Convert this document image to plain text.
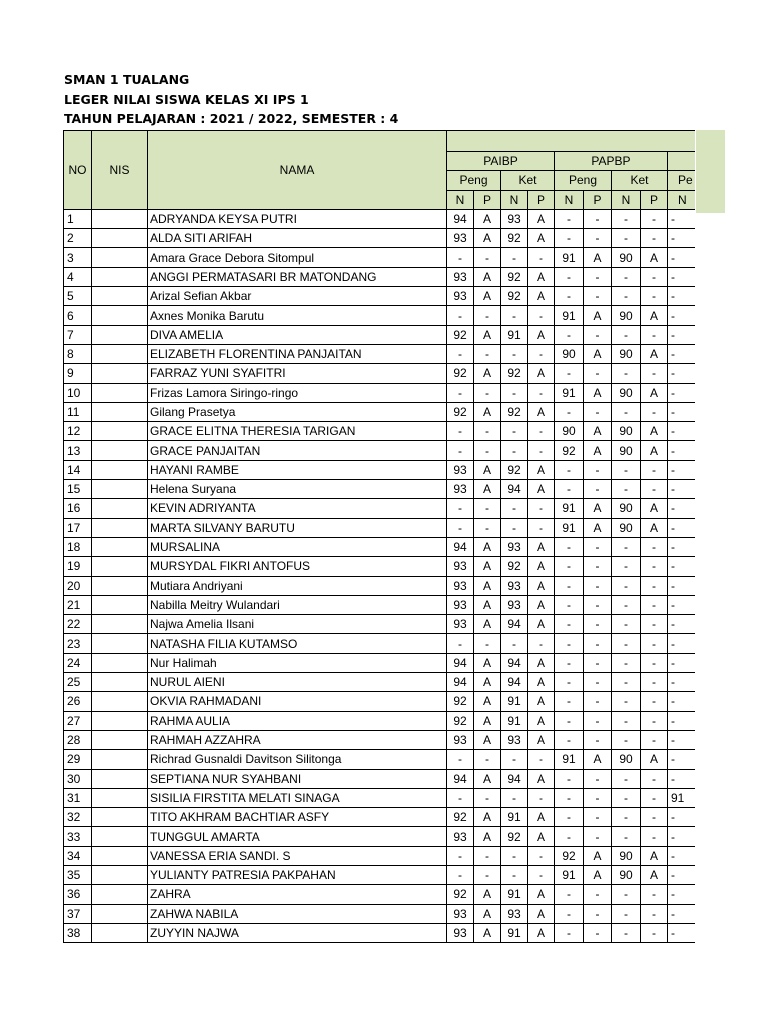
SMAN 1 TUALANG
LEGER NILAI SISWA KELAS XI IPS 1
TAHUN PELAJARAN : 2021 / 2022, SEMESTER : 4
NO	NIS	NAMA									
			PAIBP				PAPBP				
			Peng		Ket		Peng		Ket		Pe
			N	P	N	P	N	P	N	P	N
1		ADRYANDA KEYSA PUTRI	94	A	93	A	-	-	-	-	-
2		ALDA SITI ARIFAH	93	A	92	A	-	-	-	-	-
3		Amara Grace Debora Sitompul	-	-	-	-	91	A	90	A	-
4		ANGGI PERMATASARI BR MATONDANG	93	A	92	A	-	-	-	-	-
5		Arizal Sefian Akbar	93	A	92	A	-	-	-	-	-
6		Axnes Monika Barutu	-	-	-	-	91	A	90	A	-
7		DIVA AMELIA	92	A	91	A	-	-	-	-	-
8		ELIZABETH FLORENTINA PANJAITAN	-	-	-	-	90	A	90	A	-
9		FARRAZ YUNI SYAFITRI	92	A	92	A	-	-	-	-	-
10		Frizas Lamora Siringo-ringo	-	-	-	-	91	A	90	A	-
11		Gilang Prasetya	92	A	92	A	-	-	-	-	-
12		GRACE ELITNA THERESIA TARIGAN	-	-	-	-	90	A	90	A	-
13		GRACE PANJAITAN	-	-	-	-	92	A	90	A	-
14		HAYANI RAMBE	93	A	92	A	-	-	-	-	-
15		Helena Suryana	93	A	94	A	-	-	-	-	-
16		KEVIN ADRIYANTA	-	-	-	-	91	A	90	A	-
17		MARTA SILVANY BARUTU	-	-	-	-	91	A	90	A	-
18		MURSALINA	94	A	93	A	-	-	-	-	-
19		MURSYDAL FIKRI ANTOFUS	93	A	92	A	-	-	-	-	-
20		Mutiara Andriyani	93	A	93	A	-	-	-	-	-
21		Nabilla Meitry Wulandari	93	A	93	A	-	-	-	-	-
22		Najwa Amelia Ilsani	93	A	94	A	-	-	-	-	-
23		NATASHA FILIA KUTAMSO	-	-	-	-	-	-	-	-	-
24		Nur Halimah	94	A	94	A	-	-	-	-	-
25		NURUL AIENI	94	A	94	A	-	-	-	-	-
26		OKVIA RAHMADANI	92	A	91	A	-	-	-	-	-
27		RAHMA AULIA	92	A	91	A	-	-	-	-	-
28		RAHMAH AZZAHRA	93	A	93	A	-	-	-	-	-
29		Richrad Gusnaldi Davitson Silitonga	-	-	-	-	91	A	90	A	-
30		SEPTIANA NUR SYAHBANI	94	A	94	A	-	-	-	-	-
31		SISILIA FIRSTITA MELATI SINAGA	-	-	-	-	-	-	-	-	91
32		TITO AKHRAM BACHTIAR ASFY	92	A	91	A	-	-	-	-	-
33		TUNGGUL AMARTA	93	A	92	A	-	-	-	-	-
34		VANESSA ERIA SANDI. S	-	-	-	-	92	A	90	A	-
35		YULIANTY PATRESIA PAKPAHAN	-	-	-	-	91	A	90	A	-
36		ZAHRA	92	A	91	A	-	-	-	-	-
37		ZAHWA NABILA	93	A	93	A	-	-	-	-	-
38		ZUYYIN NAJWA	93	A	91	A	-	-	-	-	-
